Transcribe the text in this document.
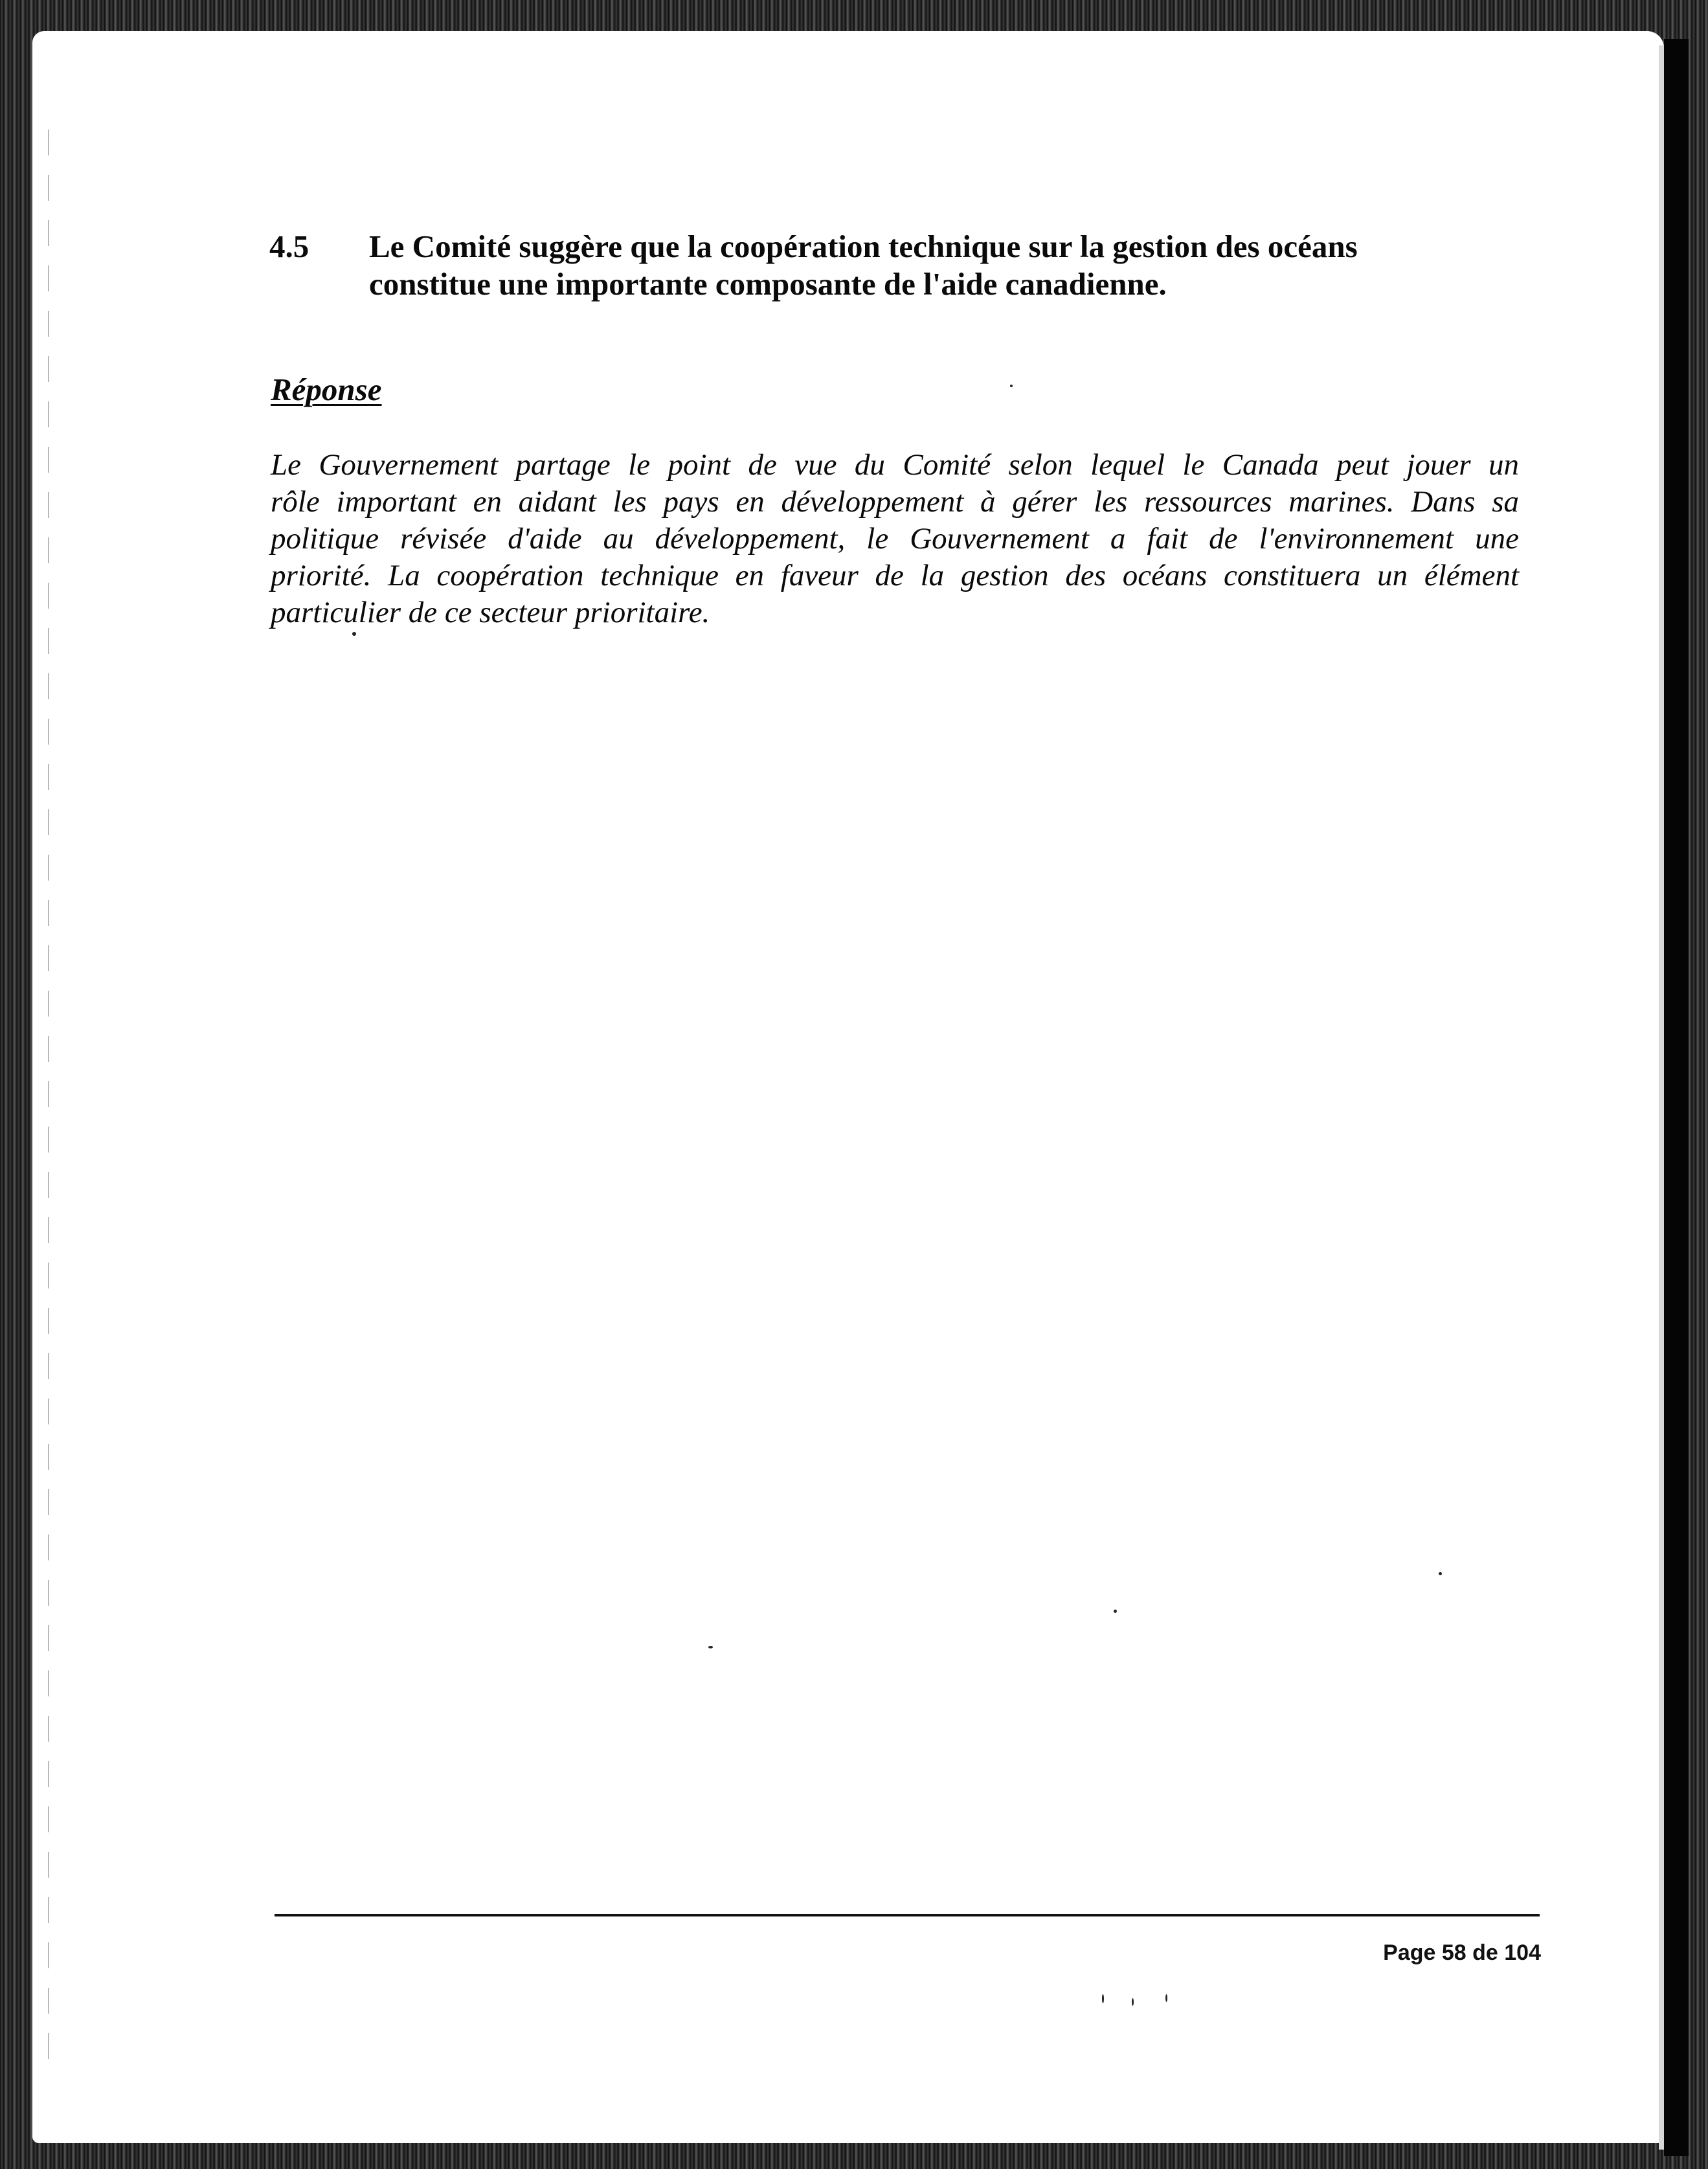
4.5 Le Comité suggère que la coopération technique sur la gestion des océans
constitue une importante composante de l'aide canadienne.
Réponse
Le Gouvernement partage le point de vue du Comité selon lequel le Canada peut jouer un
rôle important en aidant les pays en développement à gérer les ressources marines. Dans sa
politique révisée d'aide au développement, le Gouvernement a fait de l'environnement une
priorité. La coopération technique en faveur de la gestion des océans constituera un élément
particulier de ce secteur prioritaire.
Page 58 de 104
